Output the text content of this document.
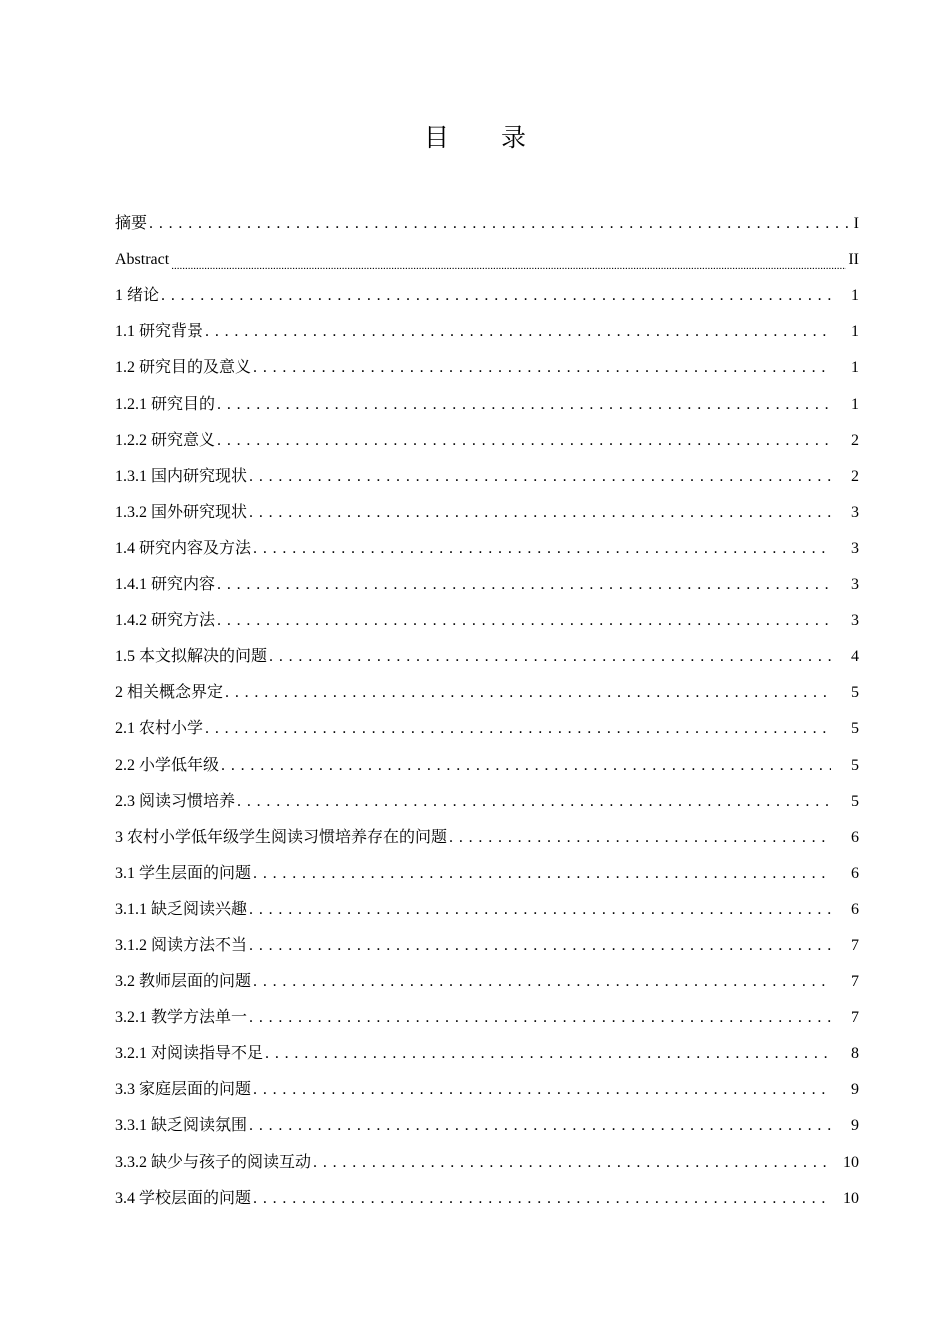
目 录
摘要 . . .	I
Abstract .....	II
1 绪论 . . .	1
1.1 研究背景 . . .	1
1.2 研究目的及意义 . . .	1
1.2.1 研究目的 . . .	1
1.2.2 研究意义 . . .	2
1.3.1 国内研究现状 . . .	2
1.3.2 国外研究现状 . . .	3
1.4 研究内容及方法 . . .	3
1.4.1 研究内容 . . .	3
1.4.2 研究方法 . . .	3
1.5 本文拟解决的问题 . . .	4
2 相关概念界定 . . .	5
2.1 农村小学 . . .	5
2.2 小学低年级 . . .	5
2.3 阅读习惯培养 . . .	5
3 农村小学低年级学生阅读习惯培养存在的问题 . . .	6
3.1 学生层面的问题 . . .	6
3.1.1 缺乏阅读兴趣 . . .	6
3.1.2 阅读方法不当 . . .	7
3.2 教师层面的问题 . . .	7
3.2.1 教学方法单一 . . .	7
3.2.1 对阅读指导不足 . . .	8
3.3 家庭层面的问题 . . .	9
3.3.1 缺乏阅读氛围 . . .	9
3.3.2 缺少与孩子的阅读互动 . . .	10
3.4 学校层面的问题 . . .	10
